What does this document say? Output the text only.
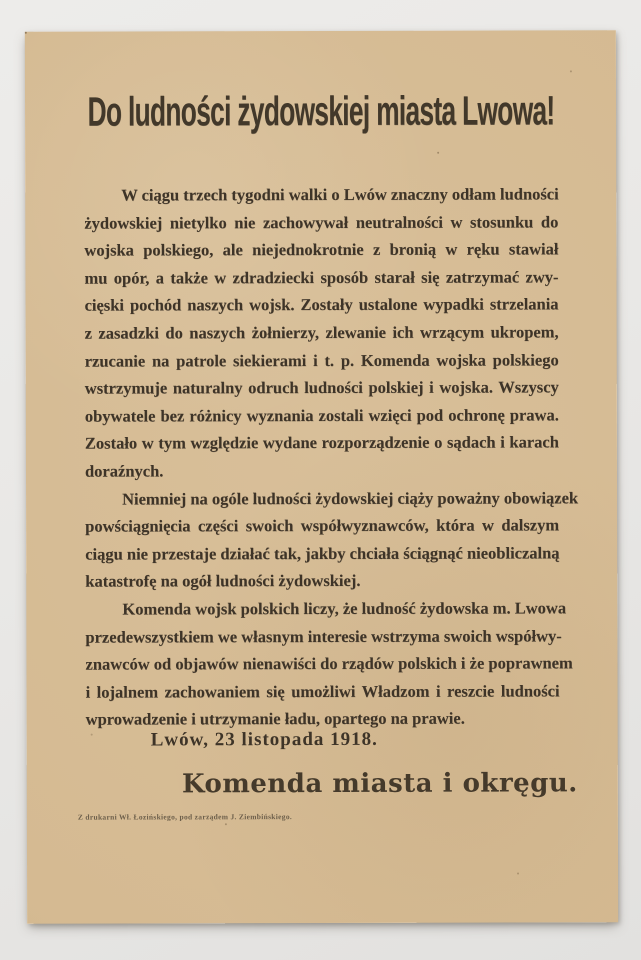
Do ludności żydowskiej miasta Lwowa!
W ciągu trzech tygodni walki o Lwów znaczny odłam ludności
żydowskiej nietylko nie zachowywał neutralności w stosunku do
wojska polskiego, ale niejednokrotnie z bronią w ręku stawiał
mu opór, a także w zdradziecki sposób starał się zatrzymać zwy-
cięski pochód naszych wojsk. Zostały ustalone wypadki strzelania
z zasadzki do naszych żołnierzy, zlewanie ich wrzącym ukropem,
rzucanie na patrole siekierami i t. p. Komenda wojska polskiego
wstrzymuje naturalny odruch ludności polskiej i wojska. Wszyscy
obywatele bez różnicy wyznania zostali wzięci pod ochronę prawa.
Zostało w tym względzie wydane rozporządzenie o sądach i karach
doraźnych.
Niemniej na ogóle ludności żydowskiej ciąży poważny obowiązek
powściągnięcia części swoich współwyznawców, która w dalszym
ciągu nie przestaje działać tak, jakby chciała ściągnąć nieobliczalną
katastrofę na ogół ludności żydowskiej.
Komenda wojsk polskich liczy, że ludność żydowska m. Lwowa
przedewszystkiem we własnym interesie wstrzyma swoich współwy-
znawców od objawów nienawiści do rządów polskich i że poprawnem
i lojalnem zachowaniem się umożliwi Władzom i reszcie ludności
wprowadzenie i utrzymanie ładu, opartego na prawie.
Lwów, 23 listopada 1918.
Komenda miasta i okręgu.
Z drukarni Wł. Łozińskiego, pod zarządem J. Ziembińskiego.
